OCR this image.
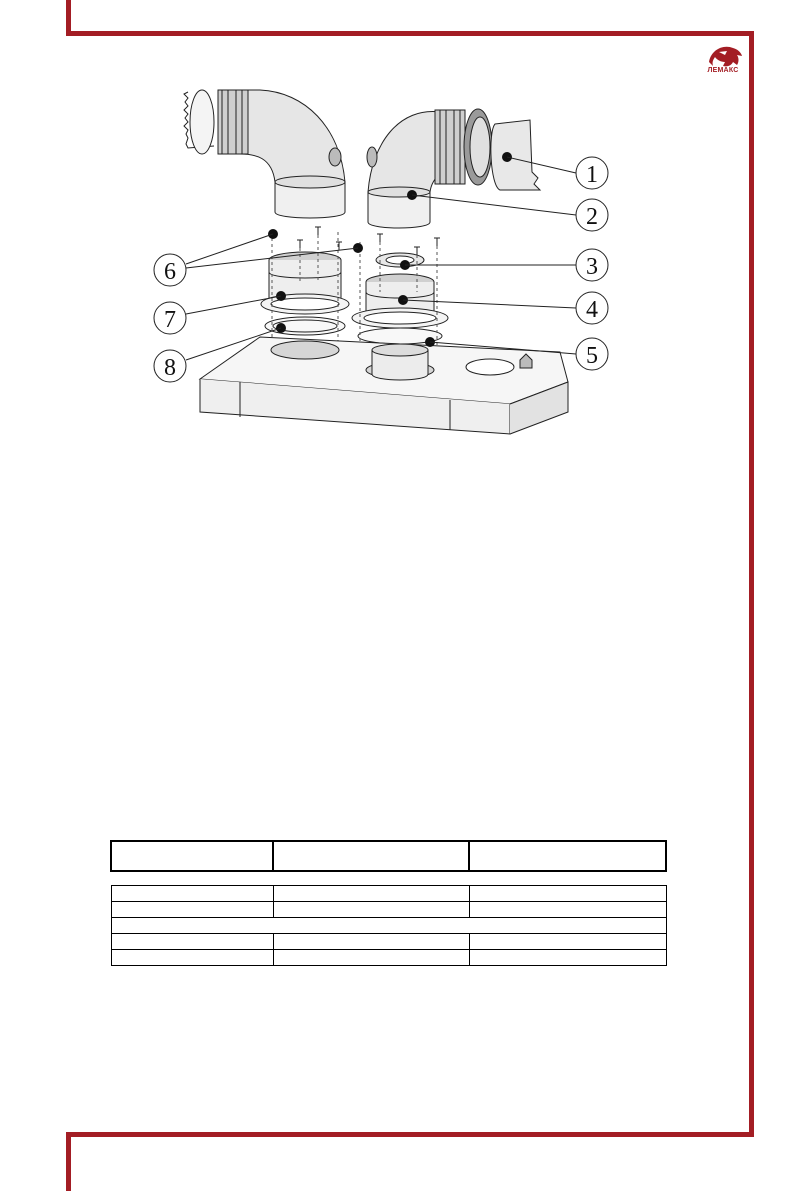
ЛЕМАКС
1
2
3
4
5
6
7
8
